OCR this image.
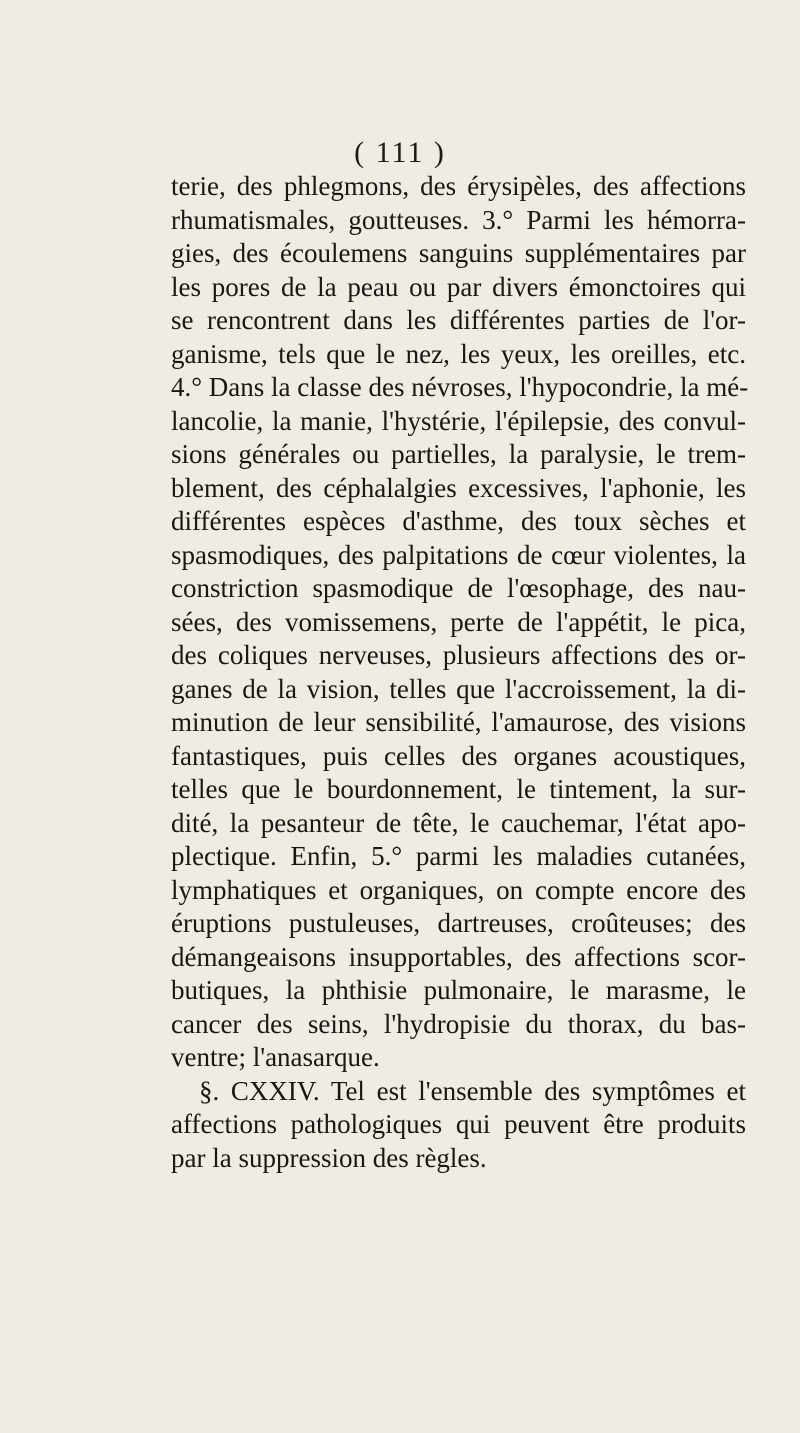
( 111 )
terie, des phlegmons, des érysipèles, des affections
rhumatismales, goutteuses. 3.° Parmi les hémorra-
gies, des écoulemens sanguins supplémentaires par
les pores de la peau ou par divers émonctoires qui
se rencontrent dans les différentes parties de l'or-
ganisme, tels que le nez, les yeux, les oreilles, etc.
4.° Dans la classe des névroses, l'hypocondrie, la mé-
lancolie, la manie, l'hystérie, l'épilepsie, des convul-
sions générales ou partielles, la paralysie, le trem-
blement, des céphalalgies excessives, l'aphonie, les
différentes espèces d'asthme, des toux sèches et
spasmodiques, des palpitations de cœur violentes, la
constriction spasmodique de l'œsophage, des nau-
sées, des vomissemens, perte de l'appétit, le pica,
des coliques nerveuses, plusieurs affections des or-
ganes de la vision, telles que l'accroissement, la di-
minution de leur sensibilité, l'amaurose, des visions
fantastiques, puis celles des organes acoustiques,
telles que le bourdonnement, le tintement, la sur-
dité, la pesanteur de tête, le cauchemar, l'état apo-
plectique. Enfin, 5.° parmi les maladies cutanées,
lymphatiques et organiques, on compte encore des
éruptions pustuleuses, dartreuses, croûteuses; des
démangeaisons insupportables, des affections scor-
butiques, la phthisie pulmonaire, le marasme, le
cancer des seins, l'hydropisie du thorax, du bas-
ventre; l'anasarque.
§. CXXIV. Tel est l'ensemble des symptômes et
affections pathologiques qui peuvent être produits
par la suppression des règles.
